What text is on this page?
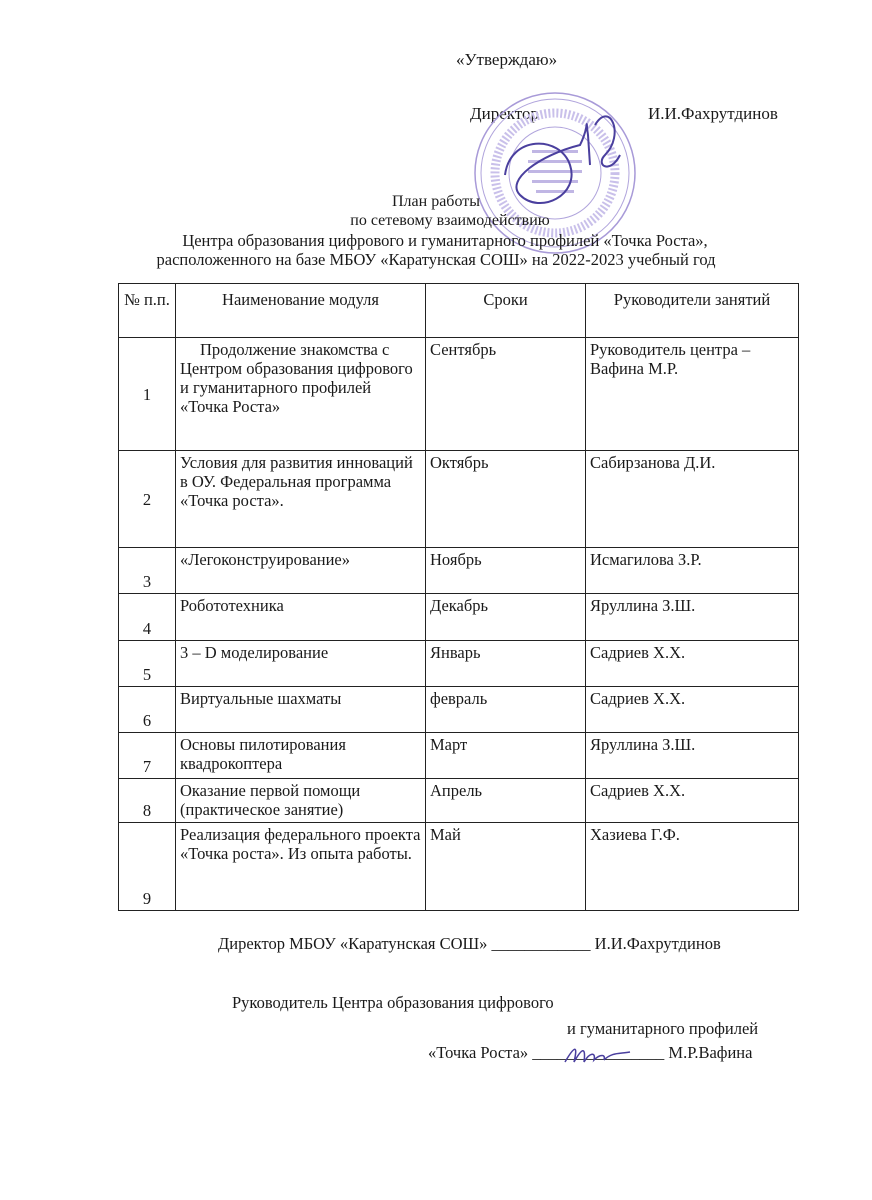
«Утверждаю»
Директор	И.И.Фахрутдинов
План работы
по сетевому взаимодействию
Центра образования цифрового и гуманитарного профилей «Точка Роста»,
расположенного на базе МБОУ «Каратунская СОШ» на 2022-2023 учебный год
№ п.п.	Наименование модуля	Сроки	Руководители занятий
1	Продолжение знакомства с Центром образования цифрового и гуманитарного профилей «Точка Роста»	Сентябрь	Руководитель центра – Вафина М.Р.
2	Условия для развития инноваций в ОУ. Федеральная программа «Точка роста».	Октябрь	Сабирзанова Д.И.
3	«Легоконструирование»	Ноябрь	Исмагилова З.Р.
4	Робототехника	Декабрь	Яруллина З.Ш.
5	3 – D моделирование	Январь	Садриев Х.Х.
6	Виртуальные шахматы	февраль	Садриев Х.Х.
7	Основы пилотирования квадрокоптера	Март	Яруллина З.Ш.
8	Оказание первой помощи (практическое занятие)	Апрель	Садриев Х.Х.
9	Реализация федерального проекта «Точка роста». Из опыта работы.	Май	Хазиева Г.Ф.
Директор МБОУ «Каратунская СОШ» ____________ И.И.Фахрутдинов
Руководитель Центра образования цифрового
и гуманитарного профилей
«Точка Роста» ________________ М.Р.Вафина
